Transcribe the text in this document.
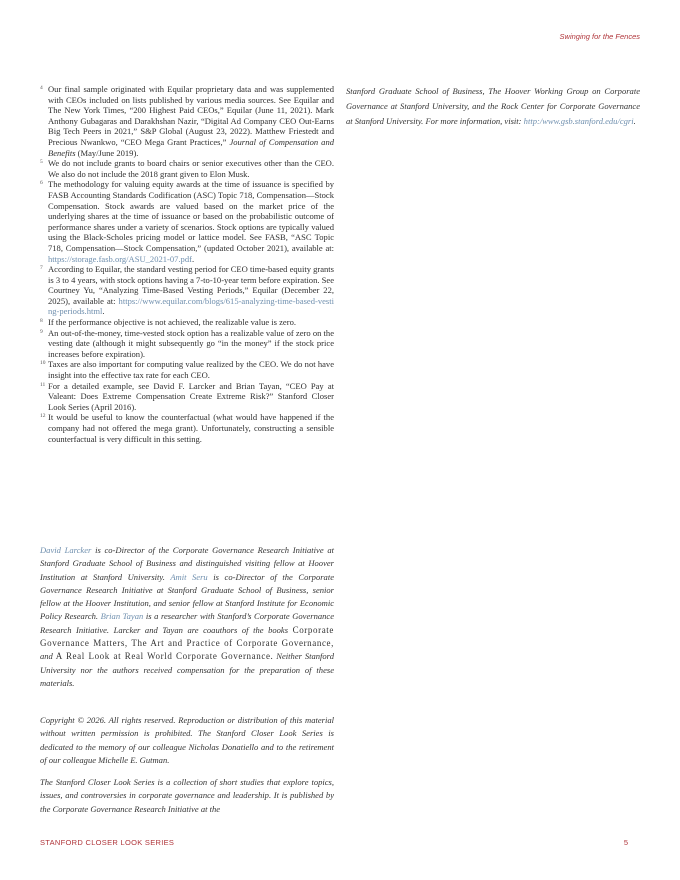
Swinging for the Fences
4 Our final sample originated with Equilar proprietary data and was supplemented with CEOs included on lists published by various media sources. See Equilar and The New York Times, “200 Highest Paid CEOs,” Equilar (June 11, 2021). Mark Anthony Gubagaras and Darakhshan Nazir, “Digital Ad Company CEO Out-Earns Big Tech Peers in 2021,” S&P Global (August 23, 2022). Matthew Friestedt and Precious Nwankwo, “CEO Mega Grant Practices,” Journal of Compensation and Benefits (May/June 2019).
5 We do not include grants to board chairs or senior executives other than the CEO. We also do not include the 2018 grant given to Elon Musk.
6 The methodology for valuing equity awards at the time of issuance is specified by FASB Accounting Standards Codification (ASC) Topic 718, Compensation—Stock Compensation. Stock awards are valued based on the market price of the underlying shares at the time of issuance or based on the probabilistic outcome of performance shares under a variety of scenarios. Stock options are typically valued using the Black-Scholes pricing model or lattice model. See FASB, “ASC Topic 718, Compensation—Stock Compensation,” (updated October 2021), available at: https://storage.fasb.org/ASU_2021-07.pdf.
7 According to Equilar, the standard vesting period for CEO time-based equity grants is 3 to 4 years, with stock options having a 7-to-10-year term before expiration. See Courtney Yu, “Analyzing Time-Based Vesting Periods,” Equilar (December 22, 2025), available at: https://www.equilar.com/blogs/615-analyzing-time-based-vesting-periods.html.
8 If the performance objective is not achieved, the realizable value is zero.
9 An out-of-the-money, time-vested stock option has a realizable value of zero on the vesting date (although it might subsequently go “in the money” if the stock price increases before expiration).
10 Taxes are also important for computing value realized by the CEO. We do not have insight into the effective tax rate for each CEO.
11 For a detailed example, see David F. Larcker and Brian Tayan, “CEO Pay at Valeant: Does Extreme Compensation Create Extreme Risk?” Stanford Closer Look Series (April 2016).
12 It would be useful to know the counterfactual (what would have happened if the company had not offered the mega grant). Unfortunately, constructing a sensible counterfactual is very difficult in this setting.
David Larcker is co-Director of the Corporate Governance Research Initiative at Stanford Graduate School of Business and distinguished visiting fellow at Hoover Institution at Stanford University. Amit Seru is co-Director of the Corporate Governance Research Initiative at Stanford Graduate School of Business, senior fellow at the Hoover Institution, and senior fellow at Stanford Institute for Economic Policy Research. Brian Tayan is a researcher with Stanford’s Corporate Governance Research Initiative. Larcker and Tayan are coauthors of the books Corporate Governance Matters, The Art and Practice of Corporate Governance, and A Real Look at Real World Corporate Governance. Neither Stanford University nor the authors received compensation for the preparation of these materials.
Copyright © 2026. All rights reserved. Reproduction or distribution of this material without written permission is prohibited. The Stanford Closer Look Series is dedicated to the memory of our colleague Nicholas Donatiello and to the retirement of our colleague Michelle E. Gutman.
The Stanford Closer Look Series is a collection of short studies that explore topics, issues, and controversies in corporate governance and leadership. It is published by the Corporate Governance Research Initiative at the
Stanford Graduate School of Business, The Hoover Working Group on Corporate Governance at Stanford University, and the Rock Center for Corporate Governance at Stanford University. For more information, visit: http:/www.gsb.stanford.edu/cgri.
STANFORD CLOSER LOOK SERIES	5
